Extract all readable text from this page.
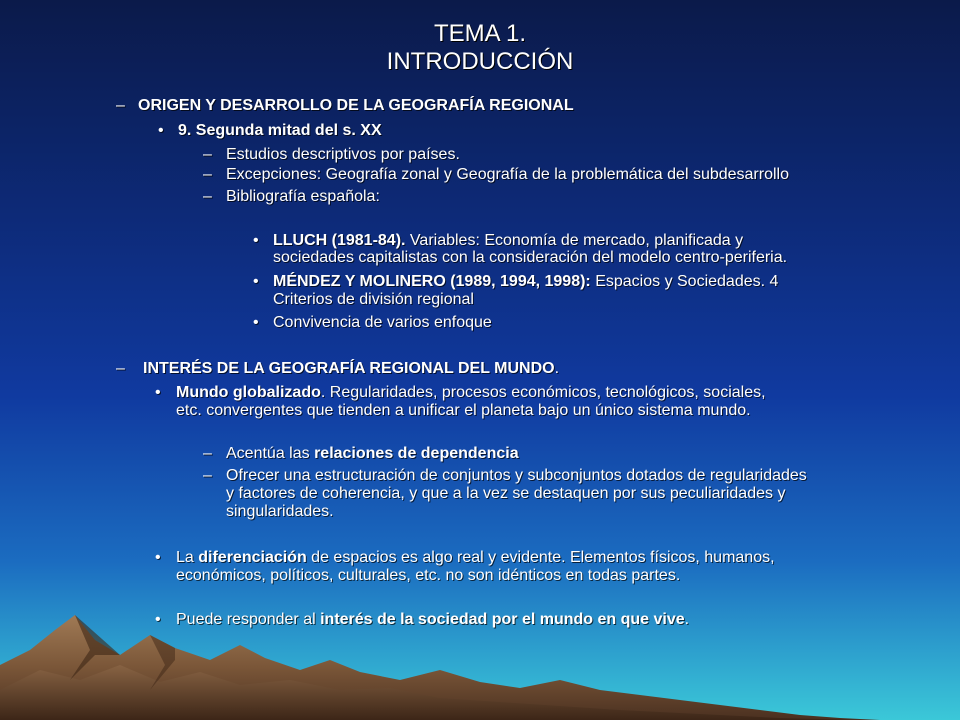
TEMA 1.
INTRODUCCIÓN
– ORIGEN Y DESARROLLO DE LA GEOGRAFÍA REGIONAL
• 9. Segunda mitad del s. XX
– Estudios descriptivos por países.
– Excepciones: Geografía zonal y Geografía de la problemática del subdesarrollo
– Bibliografía española:
• LLUCH (1981-84). Variables: Economía de mercado, planificada y
sociedades capitalistas con la consideración del modelo centro-periferia.
• MÉNDEZ Y MOLINERO (1989, 1994, 1998): Espacios y Sociedades. 4
Criterios de división regional
• Convivencia de varios enfoque
– INTERÉS DE LA GEOGRAFÍA REGIONAL DEL MUNDO.
• Mundo globalizado. Regularidades, procesos económicos, tecnológicos, sociales,
etc. convergentes que tienden a unificar el planeta bajo un único sistema mundo.
– Acentúa las relaciones de dependencia
– Ofrecer una estructuración de conjuntos y subconjuntos dotados de regularidades
y factores de coherencia, y que a la vez se destaquen por sus peculiaridades y
singularidades.
• La diferenciación de espacios es algo real y evidente. Elementos físicos, humanos,
económicos, políticos, culturales, etc. no son idénticos en todas partes.
• Puede responder al interés de la sociedad por el mundo en que vive.
